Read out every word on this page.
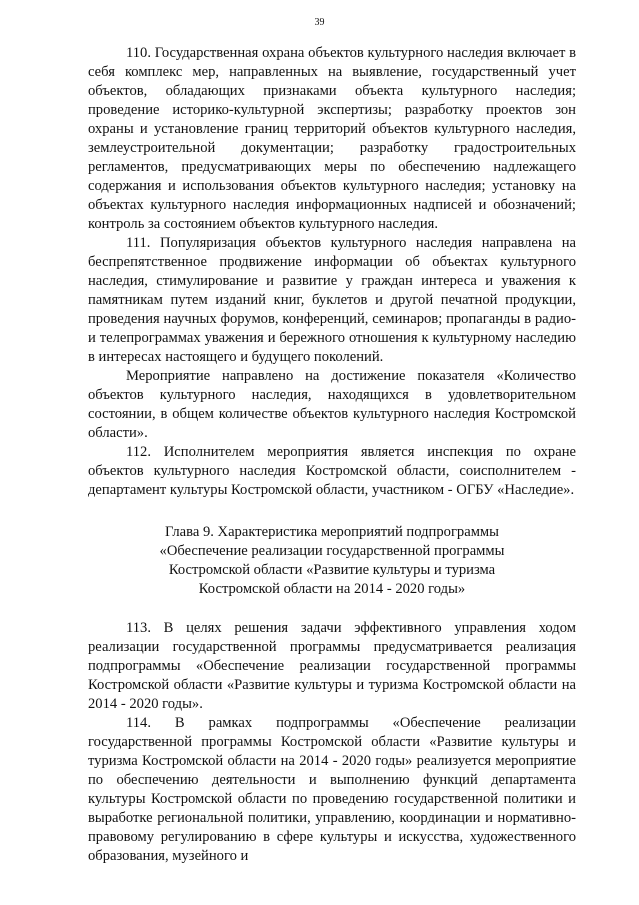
39

110. Государственная охрана объектов культурного наследия включает в себя комплекс мер, направленных на выявление, государственный учет объектов, обладающих признаками объекта культурного наследия; проведение историко-культурной экспертизы; разработку проектов зон охраны и установление границ территорий объектов культурного наследия, землеустроительной документации; разработку градостроительных регламентов, предусматривающих меры по обеспечению надлежащего содержания и использования объектов культурного наследия; установку на объектах культурного наследия информационных надписей и обозначений; контроль за состоянием объектов культурного наследия.

111. Популяризация объектов культурного наследия направлена на беспрепятственное продвижение информации об объектах культурного наследия, стимулирование и развитие у граждан интереса и уважения к памятникам путем изданий книг, буклетов и другой печатной продукции, проведения научных форумов, конференций, семинаров; пропаганды в радио- и телепрограммах уважения и бережного отношения к культурному наследию в интересах настоящего и будущего поколений.

Мероприятие направлено на достижение показателя «Количество объектов культурного наследия, находящихся в удовлетворительном состоянии, в общем количестве объектов культурного наследия Костромской области».

112. Исполнителем мероприятия является инспекция по охране объектов культурного наследия Костромской области, соисполнителем - департамент культуры Костромской области, участником - ОГБУ «Наследие».

Глава 9. Характеристика мероприятий подпрограммы
«Обеспечение реализации государственной программы
Костромской области «Развитие культуры и туризма
Костромской области на 2014 - 2020 годы»

113. В целях решения задачи эффективного управления ходом реализации государственной программы предусматривается реализация подпрограммы «Обеспечение реализации государственной программы Костромской области «Развитие культуры и туризма Костромской области на 2014 - 2020 годы».

114. В рамках подпрограммы «Обеспечение реализации государственной программы Костромской области «Развитие культуры и туризма Костромской области на 2014 - 2020 годы» реализуется мероприятие по обеспечению деятельности и выполнению функций департамента культуры Костромской области по проведению государственной политики и выработке региональной политики, управлению, координации и нормативно-правовому регулированию в сфере культуры и искусства, художественного образования, музейного и
